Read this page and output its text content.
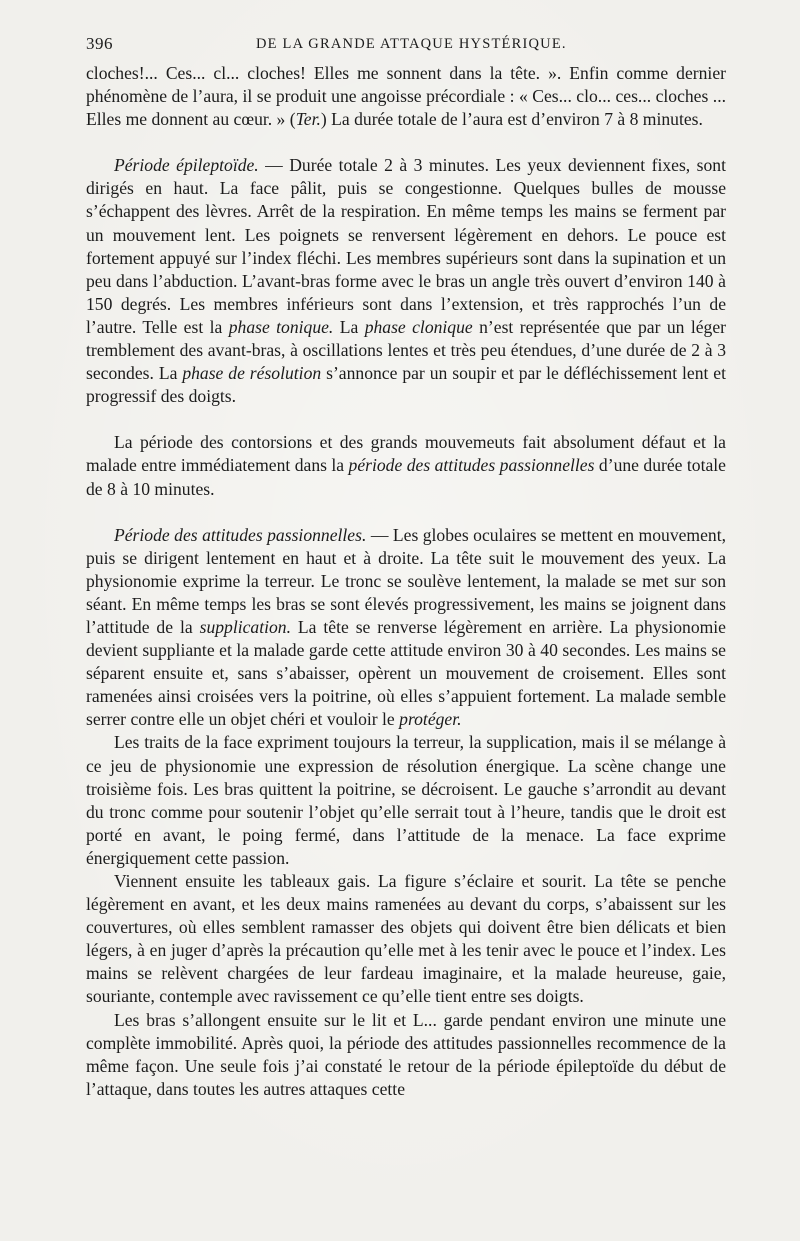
396	DE LA GRANDE ATTAQUE HYSTÉRIQUE.

cloches!... Ces... cl... cloches! Elles me sonnent dans la tête. ». Enfin comme dernier phénomène de l’aura, il se produit une angoisse précordiale : « Ces... clo... ces... cloches ... Elles me donnent au cœur. » (Ter.) La durée totale de l’aura est d’environ 7 à 8 minutes.

Période épileptoïde. — Durée totale 2 à 3 minutes. Les yeux deviennent fixes, sont dirigés en haut. La face pâlit, puis se congestionne. Quelques bulles de mousse s’échappent des lèvres. Arrêt de la respiration. En même temps les mains se ferment par un mouvement lent. Les poignets se renversent légèrement en dehors. Le pouce est fortement appuyé sur l’index fléchi. Les membres supérieurs sont dans la supination et un peu dans l’abduction. L’avant-bras forme avec le bras un angle très ouvert d’environ 140 à 150 degrés. Les membres inférieurs sont dans l’extension, et très rapprochés l’un de l’autre. Telle est la phase tonique. La phase clonique n’est représentée que par un léger tremblement des avant-bras, à oscillations lentes et très peu étendues, d’une durée de 2 à 3 secondes. La phase de résolution s’annonce par un soupir et par le défléchissement lent et progressif des doigts.

La période des contorsions et des grands mouvemeuts fait absolument défaut et la malade entre immédiatement dans la période des attitudes passionnelles d’une durée totale de 8 à 10 minutes.

Période des attitudes passionnelles. — Les globes oculaires se mettent en mouvement, puis se dirigent lentement en haut et à droite. La tête suit le mouvement des yeux. La physionomie exprime la terreur. Le tronc se soulève lentement, la malade se met sur son séant. En même temps les bras se sont élevés progressivement, les mains se joignent dans l’attitude de la supplication. La tête se renverse légèrement en arrière. La physionomie devient suppliante et la malade garde cette attitude environ 30 à 40 secondes. Les mains se séparent ensuite et, sans s’abaisser, opèrent un mouvement de croisement. Elles sont ramenées ainsi croisées vers la poitrine, où elles s’appuient fortement. La malade semble serrer contre elle un objet chéri et vouloir le protéger.

Les traits de la face expriment toujours la terreur, la supplication, mais il se mélange à ce jeu de physionomie une expression de résolution énergique. La scène change une troisième fois. Les bras quittent la poitrine, se décroisent. Le gauche s’arrondit au devant du tronc comme pour soutenir l’objet qu’elle serrait tout à l’heure, tandis que le droit est porté en avant, le poing fermé, dans l’attitude de la menace. La face exprime énergiquement cette passion.

Viennent ensuite les tableaux gais. La figure s’éclaire et sourit. La tête se penche légèrement en avant, et les deux mains ramenées au devant du corps, s’abaissent sur les couvertures, où elles semblent ramasser des objets qui doivent être bien délicats et bien légers, à en juger d’après la précaution qu’elle met à les tenir avec le pouce et l’index. Les mains se relèvent chargées de leur fardeau imaginaire, et la malade heureuse, gaie, souriante, contemple avec ravissement ce qu’elle tient entre ses doigts.

Les bras s’allongent ensuite sur le lit et L... garde pendant environ une minute une complète immobilité. Après quoi, la période des attitudes passionnelles recommence de la même façon. Une seule fois j’ai constaté le retour de la période épileptoïde du début de l’attaque, dans toutes les autres attaques cette
